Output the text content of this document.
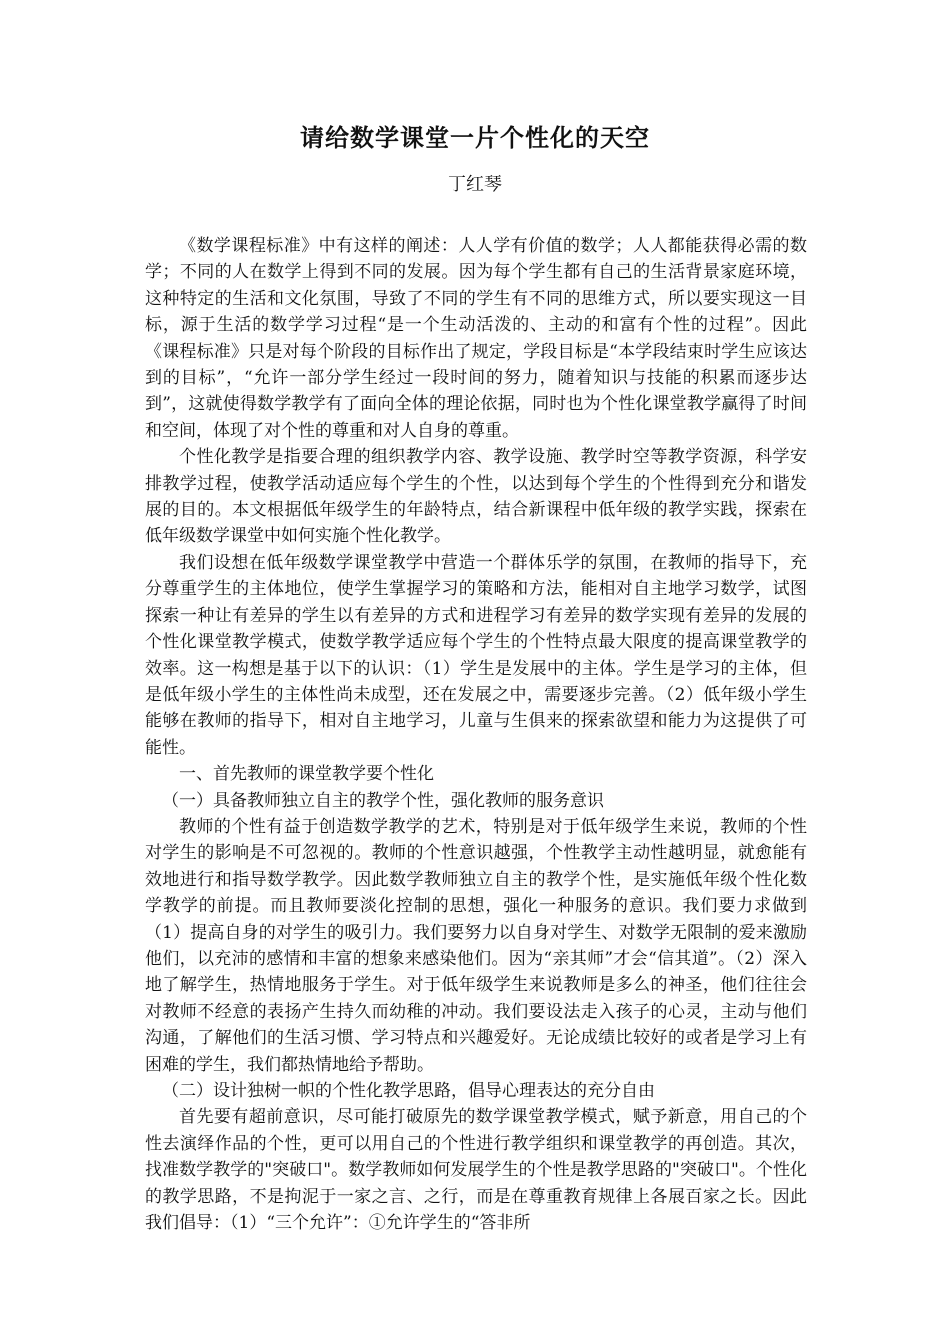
请给数学课堂一片个性化的天空
丁红琴

《数学课程标准》中有这样的阐述：人人学有价值的数学；人人都能获得必需的数学；不同的人在数学上得到不同的发展。因为每个学生都有自己的生活背景家庭环境，这种特定的生活和文化氛围，导致了不同的学生有不同的思维方式，所以要实现这一目标，源于生活的数学学习过程“是一个生动活泼的、主动的和富有个性的过程”。因此《课程标准》只是对每个阶段的目标作出了规定，学段目标是“本学段结束时学生应该达到的目标”，“允许一部分学生经过一段时间的努力，随着知识与技能的积累而逐步达到”，这就使得数学教学有了面向全体的理论依据，同时也为个性化课堂教学赢得了时间和空间，体现了对个性的尊重和对人自身的尊重。

个性化教学是指要合理的组织教学内容、教学设施、教学时空等教学资源，科学安排教学过程，使教学活动适应每个学生的个性，以达到每个学生的个性得到充分和谐发展的目的。本文根据低年级学生的年龄特点，结合新课程中低年级的教学实践，探索在低年级数学课堂中如何实施个性化教学。

我们设想在低年级数学课堂教学中营造一个群体乐学的氛围，在教师的指导下，充分尊重学生的主体地位，使学生掌握学习的策略和方法，能相对自主地学习数学，试图探索一种让有差异的学生以有差异的方式和进程学习有差异的数学实现有差异的发展的个性化课堂教学模式，使数学教学适应每个学生的个性特点最大限度的提高课堂教学的效率。这一构想是基于以下的认识：（1）学生是发展中的主体。学生是学习的主体，但是低年级小学生的主体性尚未成型，还在发展之中，需要逐步完善。（2）低年级小学生能够在教师的指导下，相对自主地学习，儿童与生俱来的探索欲望和能力为这提供了可能性。

一、首先教师的课堂教学要个性化

（一）具备教师独立自主的教学个性，强化教师的服务意识

教师的个性有益于创造数学教学的艺术，特别是对于低年级学生来说，教师的个性对学生的影响是不可忽视的。教师的个性意识越强，个性教学主动性越明显，就愈能有效地进行和指导数学教学。因此数学教师独立自主的教学个性，是实施低年级个性化数学教学的前提。而且教师要淡化控制的思想，强化一种服务的意识。我们要力求做到（1）提高自身的对学生的吸引力。我们要努力以自身对学生、对数学无限制的爱来激励他们，以充沛的感情和丰富的想象来感染他们。因为“亲其师”才会“信其道”。（2）深入地了解学生，热情地服务于学生。对于低年级学生来说教师是多么的神圣，他们往往会对教师不经意的表扬产生持久而幼稚的冲动。我们要设法走入孩子的心灵，主动与他们沟通，了解他们的生活习惯、学习特点和兴趣爱好。无论成绩比较好的或者是学习上有困难的学生，我们都热情地给予帮助。

（二）设计独树一帜的个性化教学思路，倡导心理表达的充分自由

首先要有超前意识，尽可能打破原先的数学课堂教学模式，赋予新意，用自己的个性去演绎作品的个性，更可以用自己的个性进行教学组织和课堂教学的再创造。其次，找准数学教学的"突破口"。数学教师如何发展学生的个性是教学思路的"突破口"。个性化的教学思路，不是拘泥于一家之言、之行，而是在尊重教育规律上各展百家之长。因此我们倡导：（1）“三个允许”：①允许学生的“答非所
